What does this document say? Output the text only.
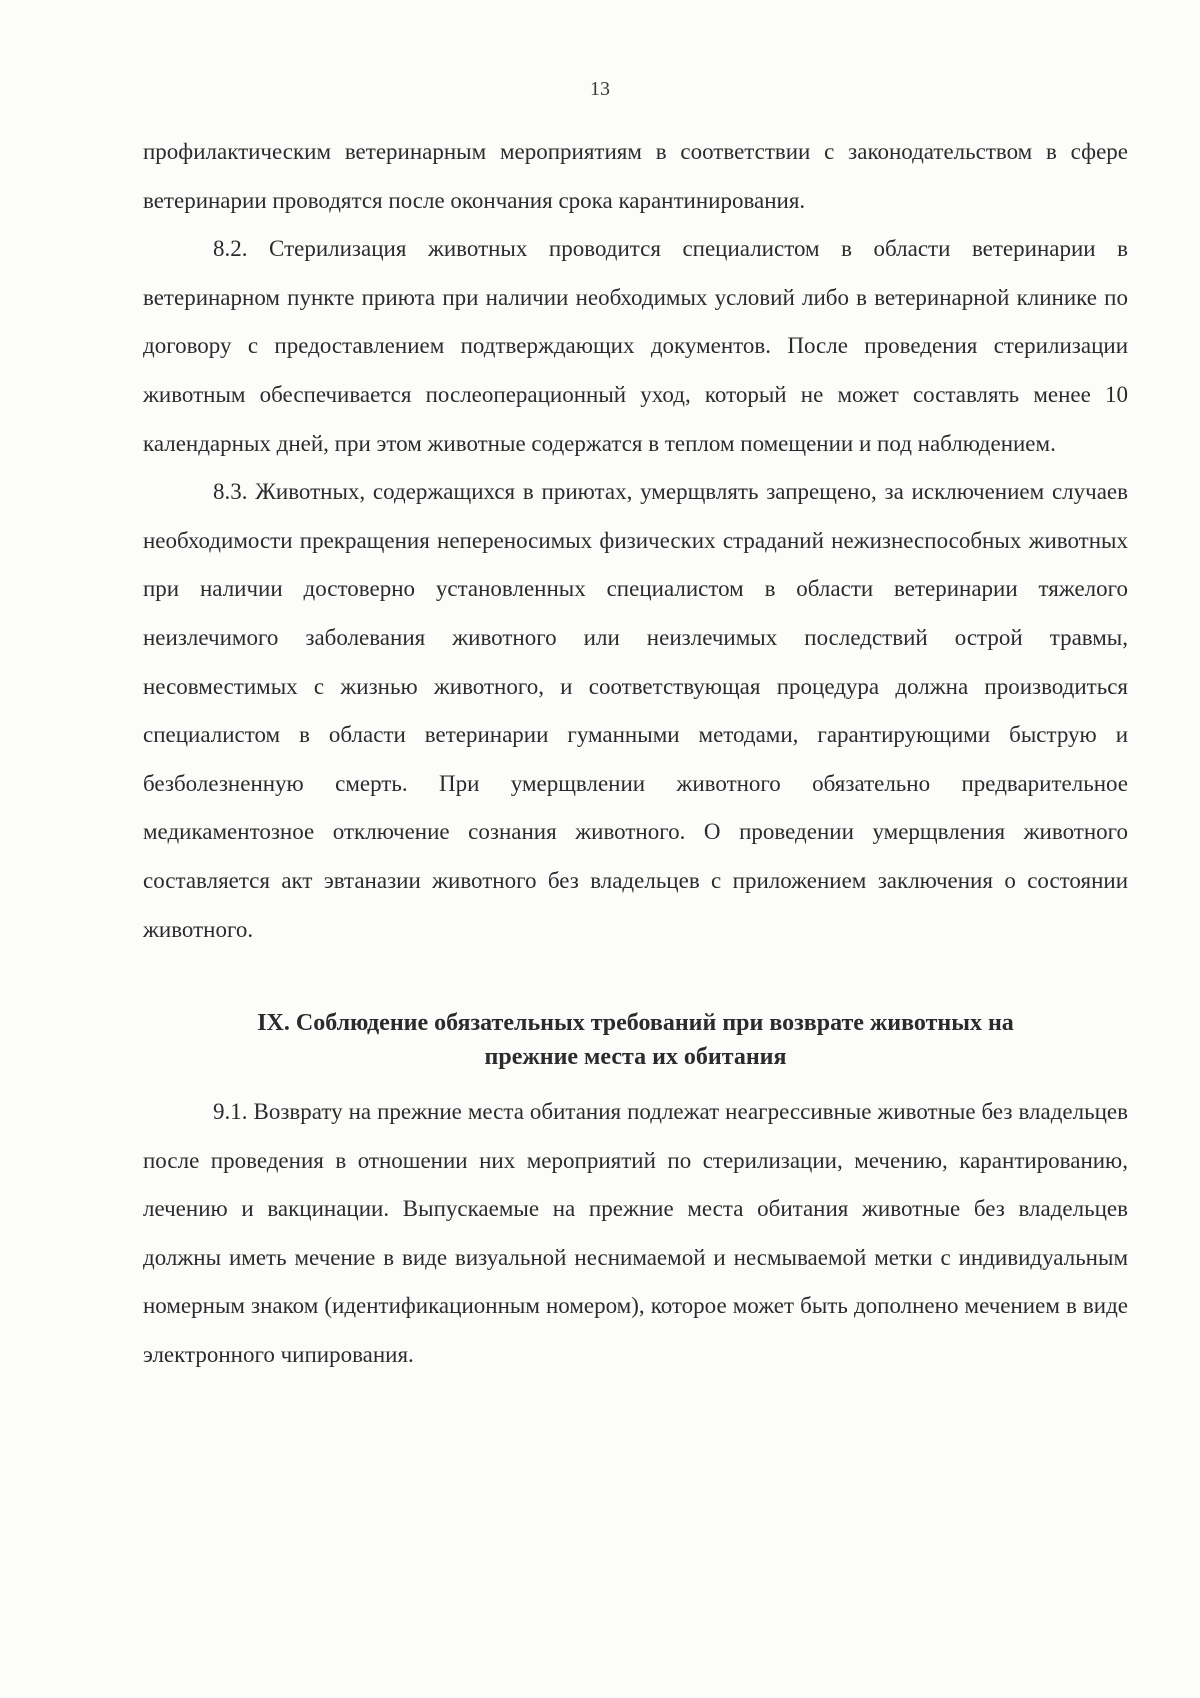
13

профилактическим ветеринарным мероприятиям в соответствии с законодательством в сфере ветеринарии проводятся после окончания срока карантинирования.

8.2. Стерилизация животных проводится специалистом в области ветеринарии в ветеринарном пункте приюта при наличии необходимых условий либо в ветеринарной клинике по договору с предоставлением подтверждающих документов. После проведения стерилизации животным обеспечивается послеоперационный уход, который не может составлять менее 10 календарных дней, при этом животные содержатся в теплом помещении и под наблюдением.

8.3. Животных, содержащихся в приютах, умерщвлять запрещено, за исключением случаев необходимости прекращения непереносимых физических страданий нежизнеспособных животных при наличии достоверно установленных специалистом в области ветеринарии тяжелого неизлечимого заболевания животного или неизлечимых последствий острой травмы, несовместимых с жизнью животного, и соответствующая процедура должна производиться специалистом в области ветеринарии гуманными методами, гарантирующими быструю и безболезненную смерть. При умерщвлении животного обязательно предварительное медикаментозное отключение сознания животного. О проведении умерщвления животного составляется акт эвтаназии животного без владельцев с приложением заключения о состоянии животного.

IX. Соблюдение обязательных требований при возврате животных на
прежние места их обитания

9.1. Возврату на прежние места обитания подлежат неагрессивные животные без владельцев после проведения в отношении них мероприятий по стерилизации, мечению, карантированию, лечению и вакцинации. Выпускаемые на прежние места обитания животные без владельцев должны иметь мечение в виде визуальной неснимаемой и несмываемой метки с индивидуальным номерным знаком (идентификационным номером), которое может быть дополнено мечением в виде электронного чипирования.
